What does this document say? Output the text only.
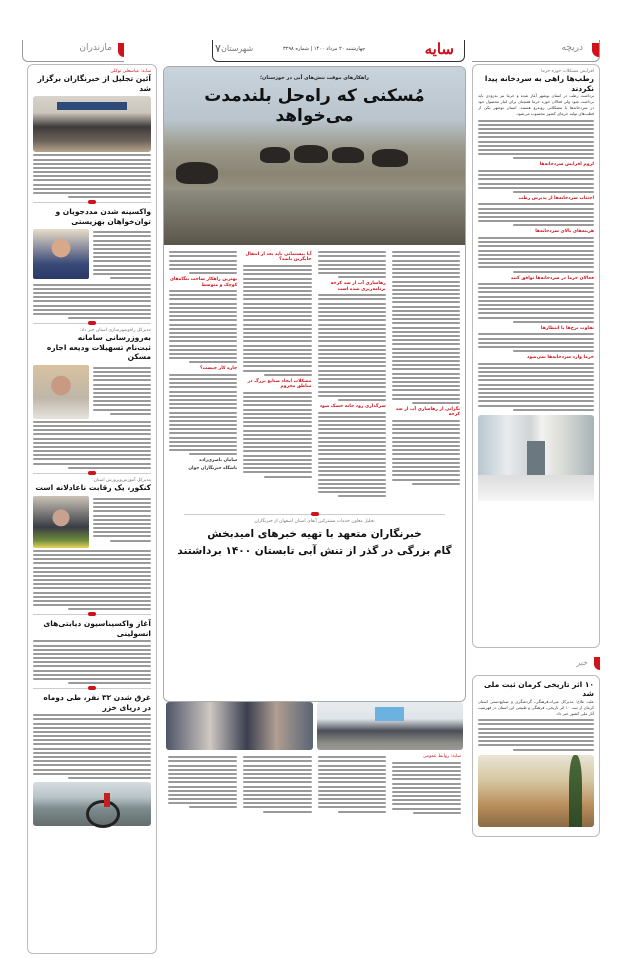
دریچه
سایه
چهارشنبه ۲۰ مرداد ۱۴۰۰ | شماره ۳۲۹۸
شهرستان
۷
مازندران
افزایش مشکلات حوزه خرما
رطب‌ها راهی به سردخانه پیدا نکردند
برداشت رطب در استان بوشهر آغاز شده و خرما نیز به‌زودی باید برداشت شود ولی فعالان حوزه خرما همچنان برای انبار محصول خود در سردخانه‌ها با مشکلاتی روبه‌رو هستند. استان بوشهر یکی از قطب‌های تولید خرمای کشور محسوب می‌شود.
لزوم افزایش سردخانه‌ها
اجتناب سردخانه‌ها از پذیرش رطب
هزینه‌های بالای سردخانه‌ها
فعالان خرما در سردخانه‌ها توافق کنند
تفاوت نرخ‌ها با انتظارها
خرما وارد سردخانه‌ها نمی‌شود
خبر
۱۰ اثر تاریخی کرمان ثبت ملی شد
علت غلاح: مدیرکل میراث‌فرهنگی، گردشگری و صنایع‌دستی استان کرمان از ثبت ۱۰ اثر تاریخی، فرهنگی و طبیعی این استان در فهرست آثار ملی کشور خبر داد.
راهکارهای موقت تنش‌های آبی در خوزستان؛
مُسکنی که راه‌حل بلندمدت می‌خواهد
نگرانی از رهاسازی آب از سد کرخه
رهاسازی آب از سد کرخه برنامه‌ریزی شده است
سرگذاری رود خانه خشک شود
آیا بیستمانی باید بعد از انتقال جایگزین باشد؟
مشکلات ایجاد صنایع بزرگ در مناطق محروم
بهترین راهکار ساخت بنگاه‌های کوچک و متوسط
چاره کار چیست؟
سامان ناصری‌زاده
باشگاه خبرنگاران جوان
تجلیل معاون خدمات مشترکین آبفای استان اصفهان از خبرنگاران
خبرنگاران متعهد با تهیه خبرهای امیدبخش
گام بزرگی در گذر از تنش آبی تابستان ۱۴۰۰ برداشتند
سایه: روابط عمومی
سایه: عباسعلی توکلی
آئین تجلیل از خبرنگاران برگزار شد
واکسینه شدن مددجویان و توان‌خواهان بهزیستی
مدیرکل راه‌وشهرسازی استان خبر داد:
به‌روزرسانی سامانه
ثبت‌نام تسهیلات ودیعه اجاره مسکن
مدیرکل آموزش‌وپرورش استان:
کنکور، یک رقابت ناعادلانه است
آغاز واکسیناسیون دیابتی‌های انسولینی
غرق شدن ۳۲ نفر، طی دوماه در دریای خزر
